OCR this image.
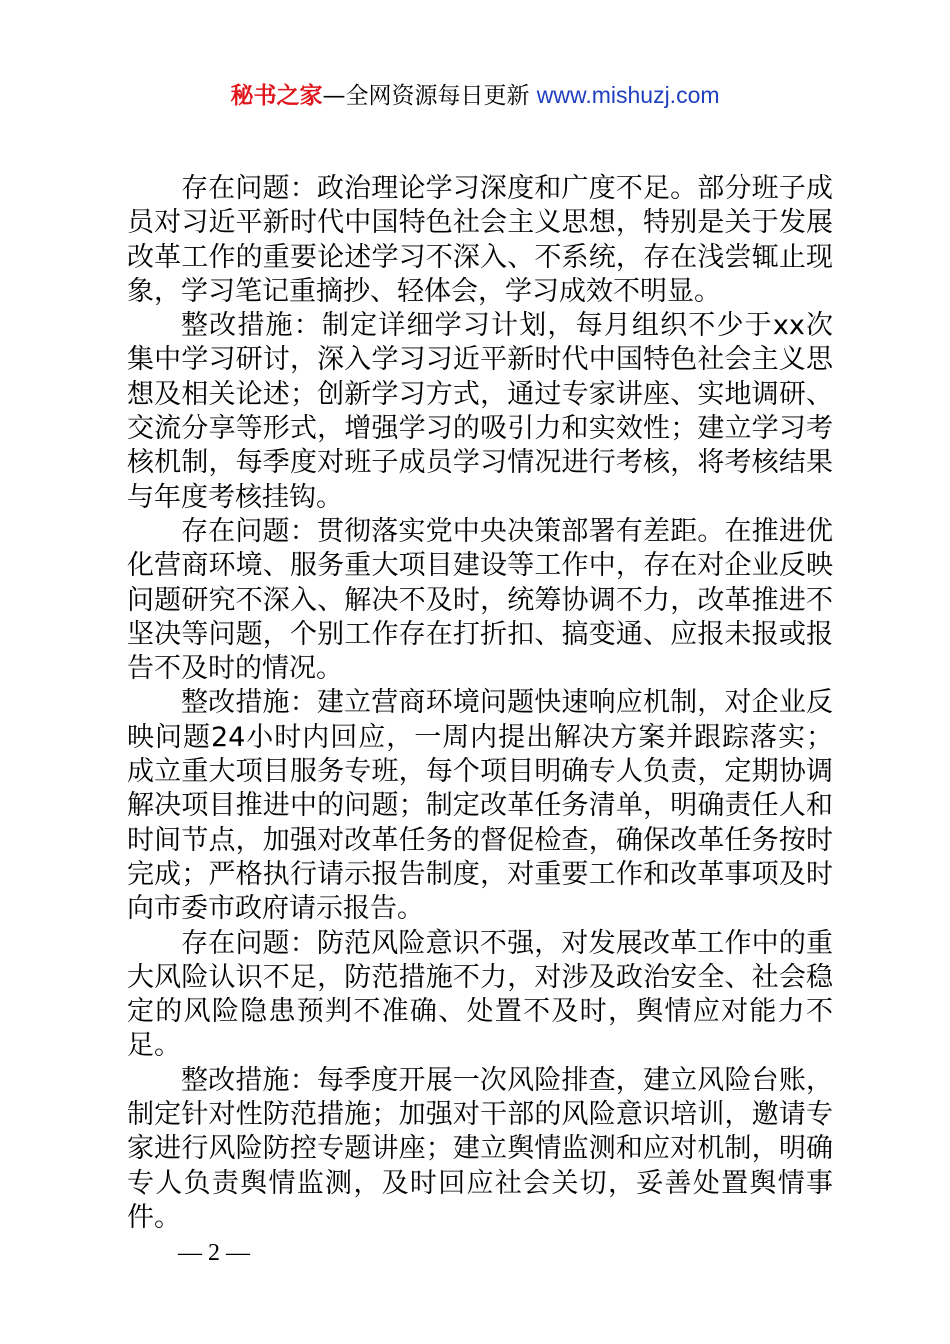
秘书之家—全网资源每日更新 www.mishuzj.com

存在问题：政治理论学习深度和广度不足。部分班子成员对习近平新时代中国特色社会主义思想，特别是关于发展改革工作的重要论述学习不深入、不系统，存在浅尝辄止现象，学习笔记重摘抄、轻体会，学习成效不明显。

整改措施：制定详细学习计划，每月组织不少于xx次集中学习研讨，深入学习习近平新时代中国特色社会主义思想及相关论述；创新学习方式，通过专家讲座、实地调研、交流分享等形式，增强学习的吸引力和实效性；建立学习考核机制，每季度对班子成员学习情况进行考核，将考核结果与年度考核挂钩。

存在问题：贯彻落实党中央决策部署有差距。在推进优化营商环境、服务重大项目建设等工作中，存在对企业反映问题研究不深入、解决不及时，统筹协调不力，改革推进不坚决等问题，个别工作存在打折扣、搞变通、应报未报或报告不及时的情况。

整改措施：建立营商环境问题快速响应机制，对企业反映问题24小时内回应，一周内提出解决方案并跟踪落实；成立重大项目服务专班，每个项目明确专人负责，定期协调解决项目推进中的问题；制定改革任务清单，明确责任人和时间节点，加强对改革任务的督促检查，确保改革任务按时完成；严格执行请示报告制度，对重要工作和改革事项及时向市委市政府请示报告。

存在问题：防范风险意识不强，对发展改革工作中的重大风险认识不足，防范措施不力，对涉及政治安全、社会稳定的风险隐患预判不准确、处置不及时，舆情应对能力不足。

整改措施：每季度开展一次风险排查，建立风险台账，制定针对性防范措施；加强对干部的风险意识培训，邀请专家进行风险防控专题讲座；建立舆情监测和应对机制，明确专人负责舆情监测，及时回应社会关切，妥善处置舆情事件。

— 2 —
